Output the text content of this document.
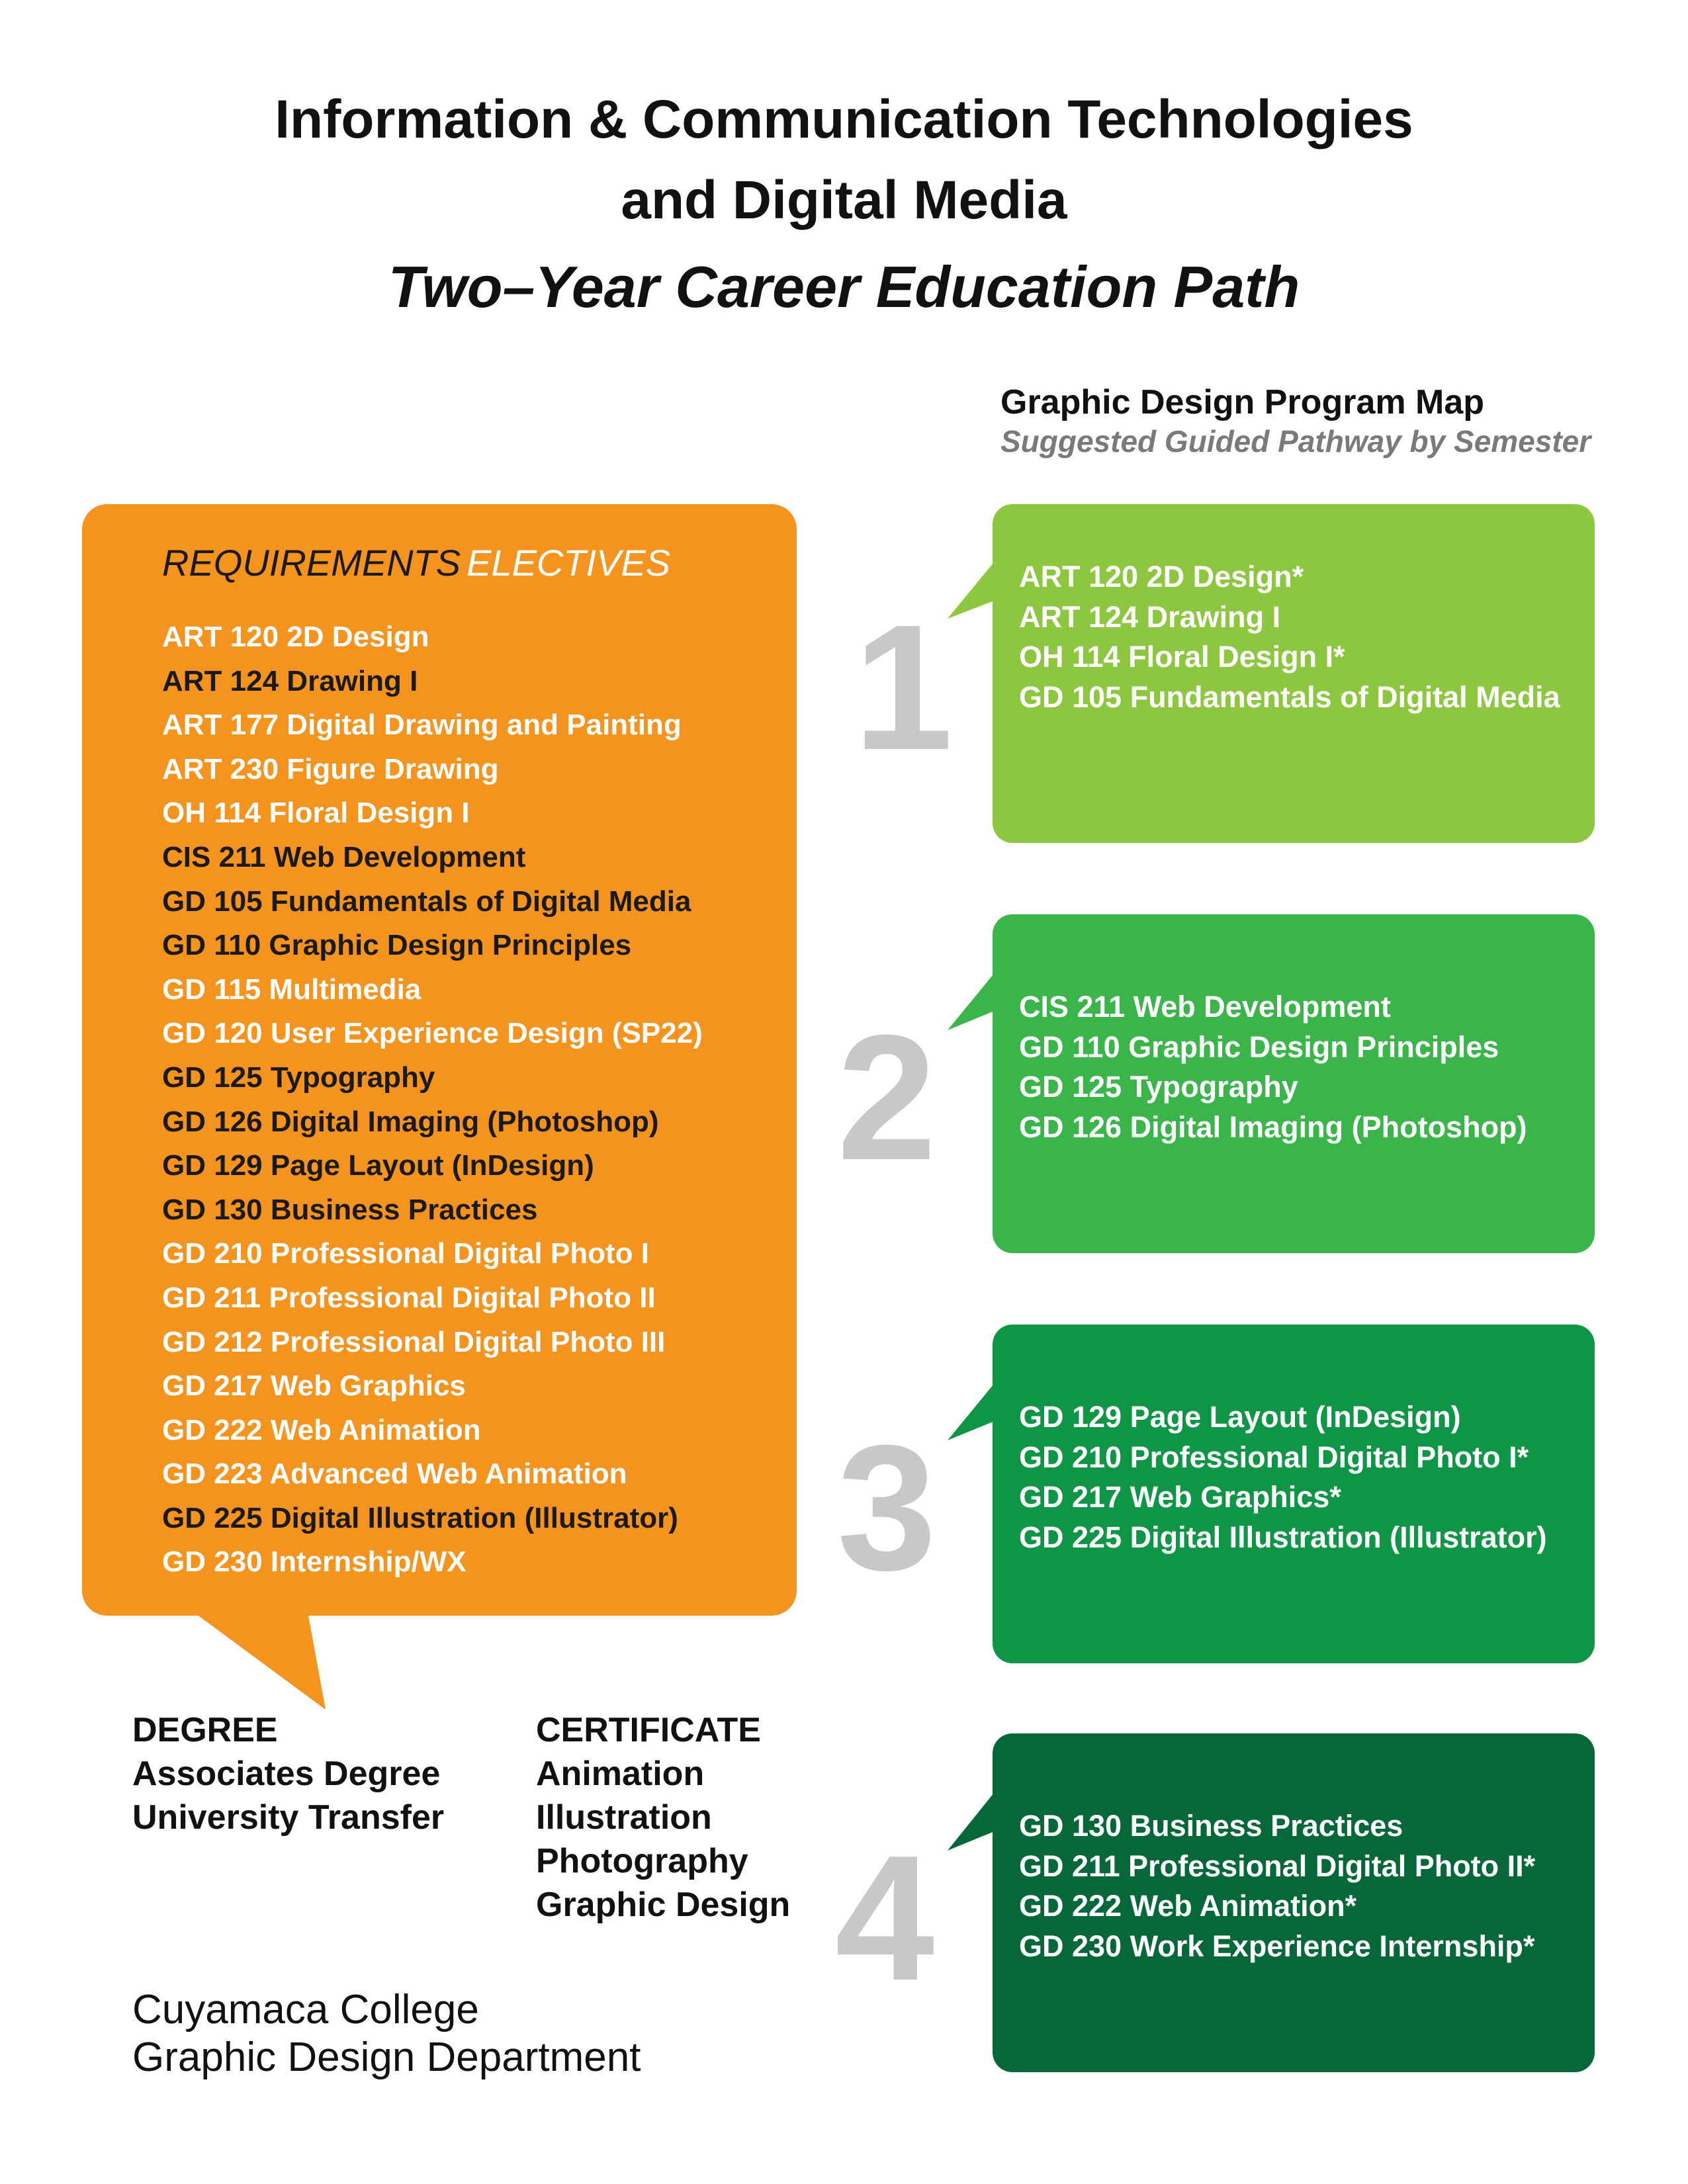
Information & Communication Technologies
and Digital Media
Two–Year Career Education Path
Graphic Design Program Map
Suggested Guided Pathway by Semester
REQUIREMENTS ELECTIVES
ART 120 2D Design
ART 124 Drawing I
ART 177 Digital Drawing and Painting
ART 230 Figure Drawing
OH 114 Floral Design I
CIS 211 Web Development
GD 105 Fundamentals of Digital Media
GD 110 Graphic Design Principles
GD 115 Multimedia
GD 120 User Experience Design (SP22)
GD 125 Typography
GD 126 Digital Imaging (Photoshop)
GD 129 Page Layout (InDesign)
GD 130 Business Practices
GD 210 Professional Digital Photo I
GD 211 Professional Digital Photo II
GD 212 Professional Digital Photo III
GD 217 Web Graphics
GD 222 Web Animation
GD 223 Advanced Web Animation
GD 225 Digital Illustration (Illustrator)
GD 230 Internship/WX
ART 120 2D Design*
ART 124 Drawing I
OH 114 Floral Design I*
GD 105 Fundamentals of Digital Media
1
CIS 211 Web Development
GD 110 Graphic Design Principles
GD 125 Typography
GD 126 Digital Imaging (Photoshop)
2
GD 129 Page Layout (InDesign)
GD 210 Professional Digital Photo I*
GD 217 Web Graphics*
GD 225 Digital Illustration (Illustrator)
3
GD 130 Business Practices
GD 211 Professional Digital Photo II*
GD 222 Web Animation*
GD 230 Work Experience Internship*
4
DEGREE
Associates Degree
University Transfer
CERTIFICATE
Animation
Illustration
Photography
Graphic Design
Cuyamaca College
Graphic Design Department
